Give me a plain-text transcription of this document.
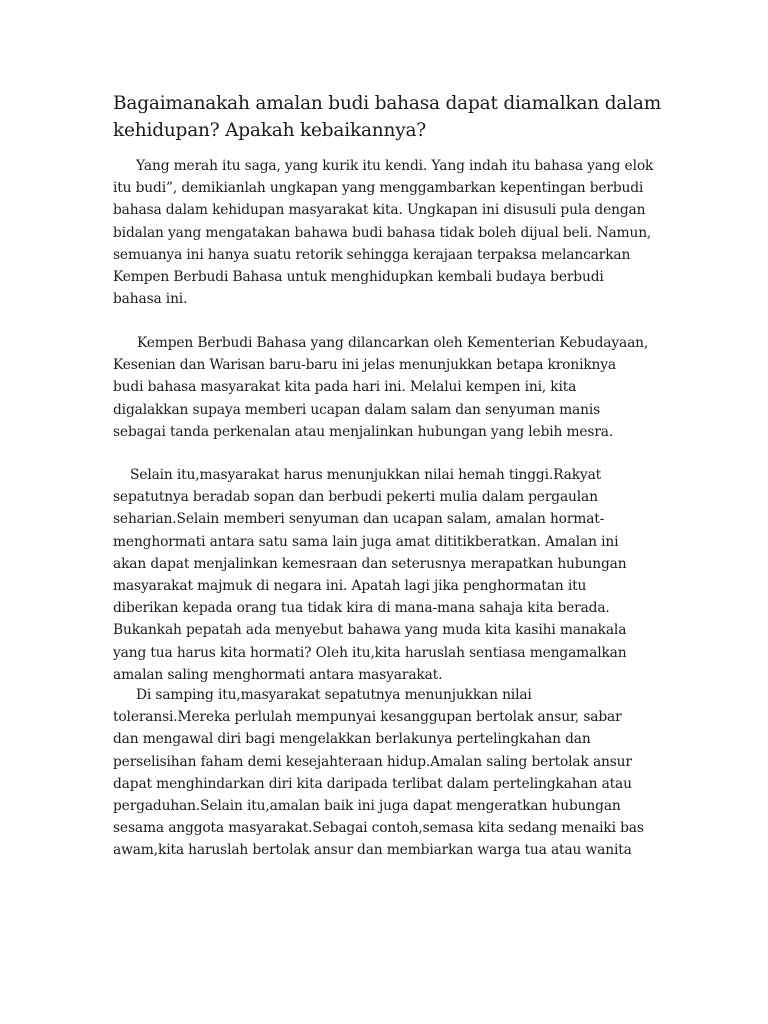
Bagaimanakah amalan budi bahasa dapat diamalkan dalam
kehidupan? Apakah kebaikannya?
Yang merah itu saga, yang kurik itu kendi. Yang indah itu bahasa yang elok
itu budi”, demikianlah ungkapan yang menggambarkan kepentingan berbudi
bahasa dalam kehidupan masyarakat kita. Ungkapan ini disusuli pula dengan
bidalan yang mengatakan bahawa budi bahasa tidak boleh dijual beli. Namun,
semuanya ini hanya suatu retorik sehingga kerajaan terpaksa melancarkan
Kempen Berbudi Bahasa untuk menghidupkan kembali budaya berbudi
bahasa ini.
Kempen Berbudi Bahasa yang dilancarkan oleh Kementerian Kebudayaan,
Kesenian dan Warisan baru-baru ini jelas menunjukkan betapa kroniknya
budi bahasa masyarakat kita pada hari ini. Melalui kempen ini, kita
digalakkan supaya memberi ucapan dalam salam dan senyuman manis
sebagai tanda perkenalan atau menjalinkan hubungan yang lebih mesra.
Selain itu,masyarakat harus menunjukkan nilai hemah tinggi.Rakyat
sepatutnya beradab sopan dan berbudi pekerti mulia dalam pergaulan
seharian.Selain memberi senyuman dan ucapan salam, amalan hormat-
menghormati antara satu sama lain juga amat dititikberatkan. Amalan ini
akan dapat menjalinkan kemesraan dan seterusnya merapatkan hubungan
masyarakat majmuk di negara ini. Apatah lagi jika penghormatan itu
diberikan kepada orang tua tidak kira di mana-mana sahaja kita berada.
Bukankah pepatah ada menyebut bahawa yang muda kita kasihi manakala
yang tua harus kita hormati? Oleh itu,kita haruslah sentiasa mengamalkan
amalan saling menghormati antara masyarakat.
Di samping itu,masyarakat sepatutnya menunjukkan nilai
toleransi.Mereka perlulah mempunyai kesanggupan bertolak ansur, sabar
dan mengawal diri bagi mengelakkan berlakunya pertelingkahan dan
perselisihan faham demi kesejahteraan hidup.Amalan saling bertolak ansur
dapat menghindarkan diri kita daripada terlibat dalam pertelingkahan atau
pergaduhan.Selain itu,amalan baik ini juga dapat mengeratkan hubungan
sesama anggota masyarakat.Sebagai contoh,semasa kita sedang menaiki bas
awam,kita haruslah bertolak ansur dan membiarkan warga tua atau wanita
